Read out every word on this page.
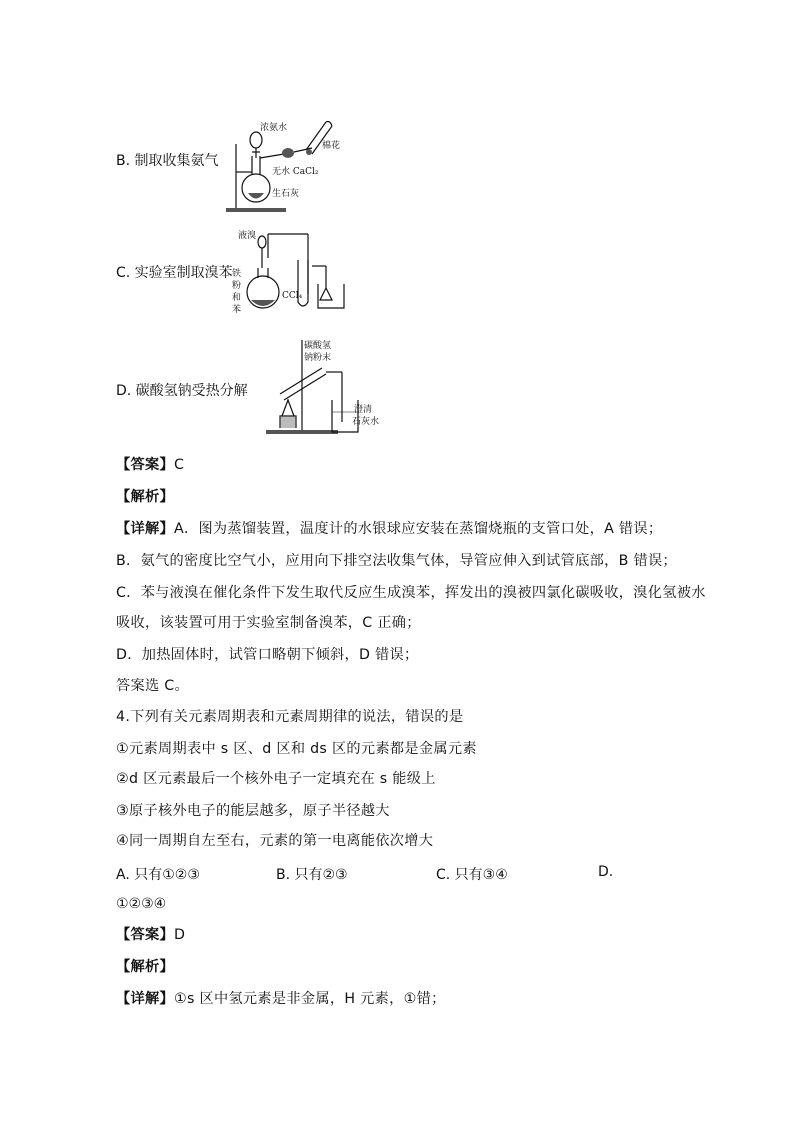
B. 制取收集氨气
浓氨水
棉花
无水 CaCl₂
生石灰
C. 实验室制取溴苯
液溴
铁
粉
和
苯
CCl₄
D. 碳酸氢钠受热分解
碳酸氢
钠粉末
澄清
石灰水
【答案】C
【解析】
【详解】A．图为蒸馏装置，温度计的水银球应安装在蒸馏烧瓶的支管口处，A 错误；
B．氨气的密度比空气小，应用向下排空法收集气体，导管应伸入到试管底部，B 错误；
C．苯与液溴在催化条件下发生取代反应生成溴苯，挥发出的溴被四氯化碳吸收，溴化氢被水
吸收，该装置可用于实验室制备溴苯，C 正确；
D．加热固体时，试管口略朝下倾斜，D 错误；
答案选 C。
4.下列有关元素周期表和元素周期律的说法，错误的是
①元素周期表中 s 区、d 区和 ds 区的元素都是金属元素
②d 区元素最后一个核外电子一定填充在 s 能级上
③原子核外电子的能层越多，原子半径越大
④同一周期自左至右，元素的第一电离能依次增大
A. 只有①②③	B. 只有②③	C. 只有③④	D.
①②③④
【答案】D
【解析】
【详解】①s 区中氢元素是非金属，H 元素，①错；
